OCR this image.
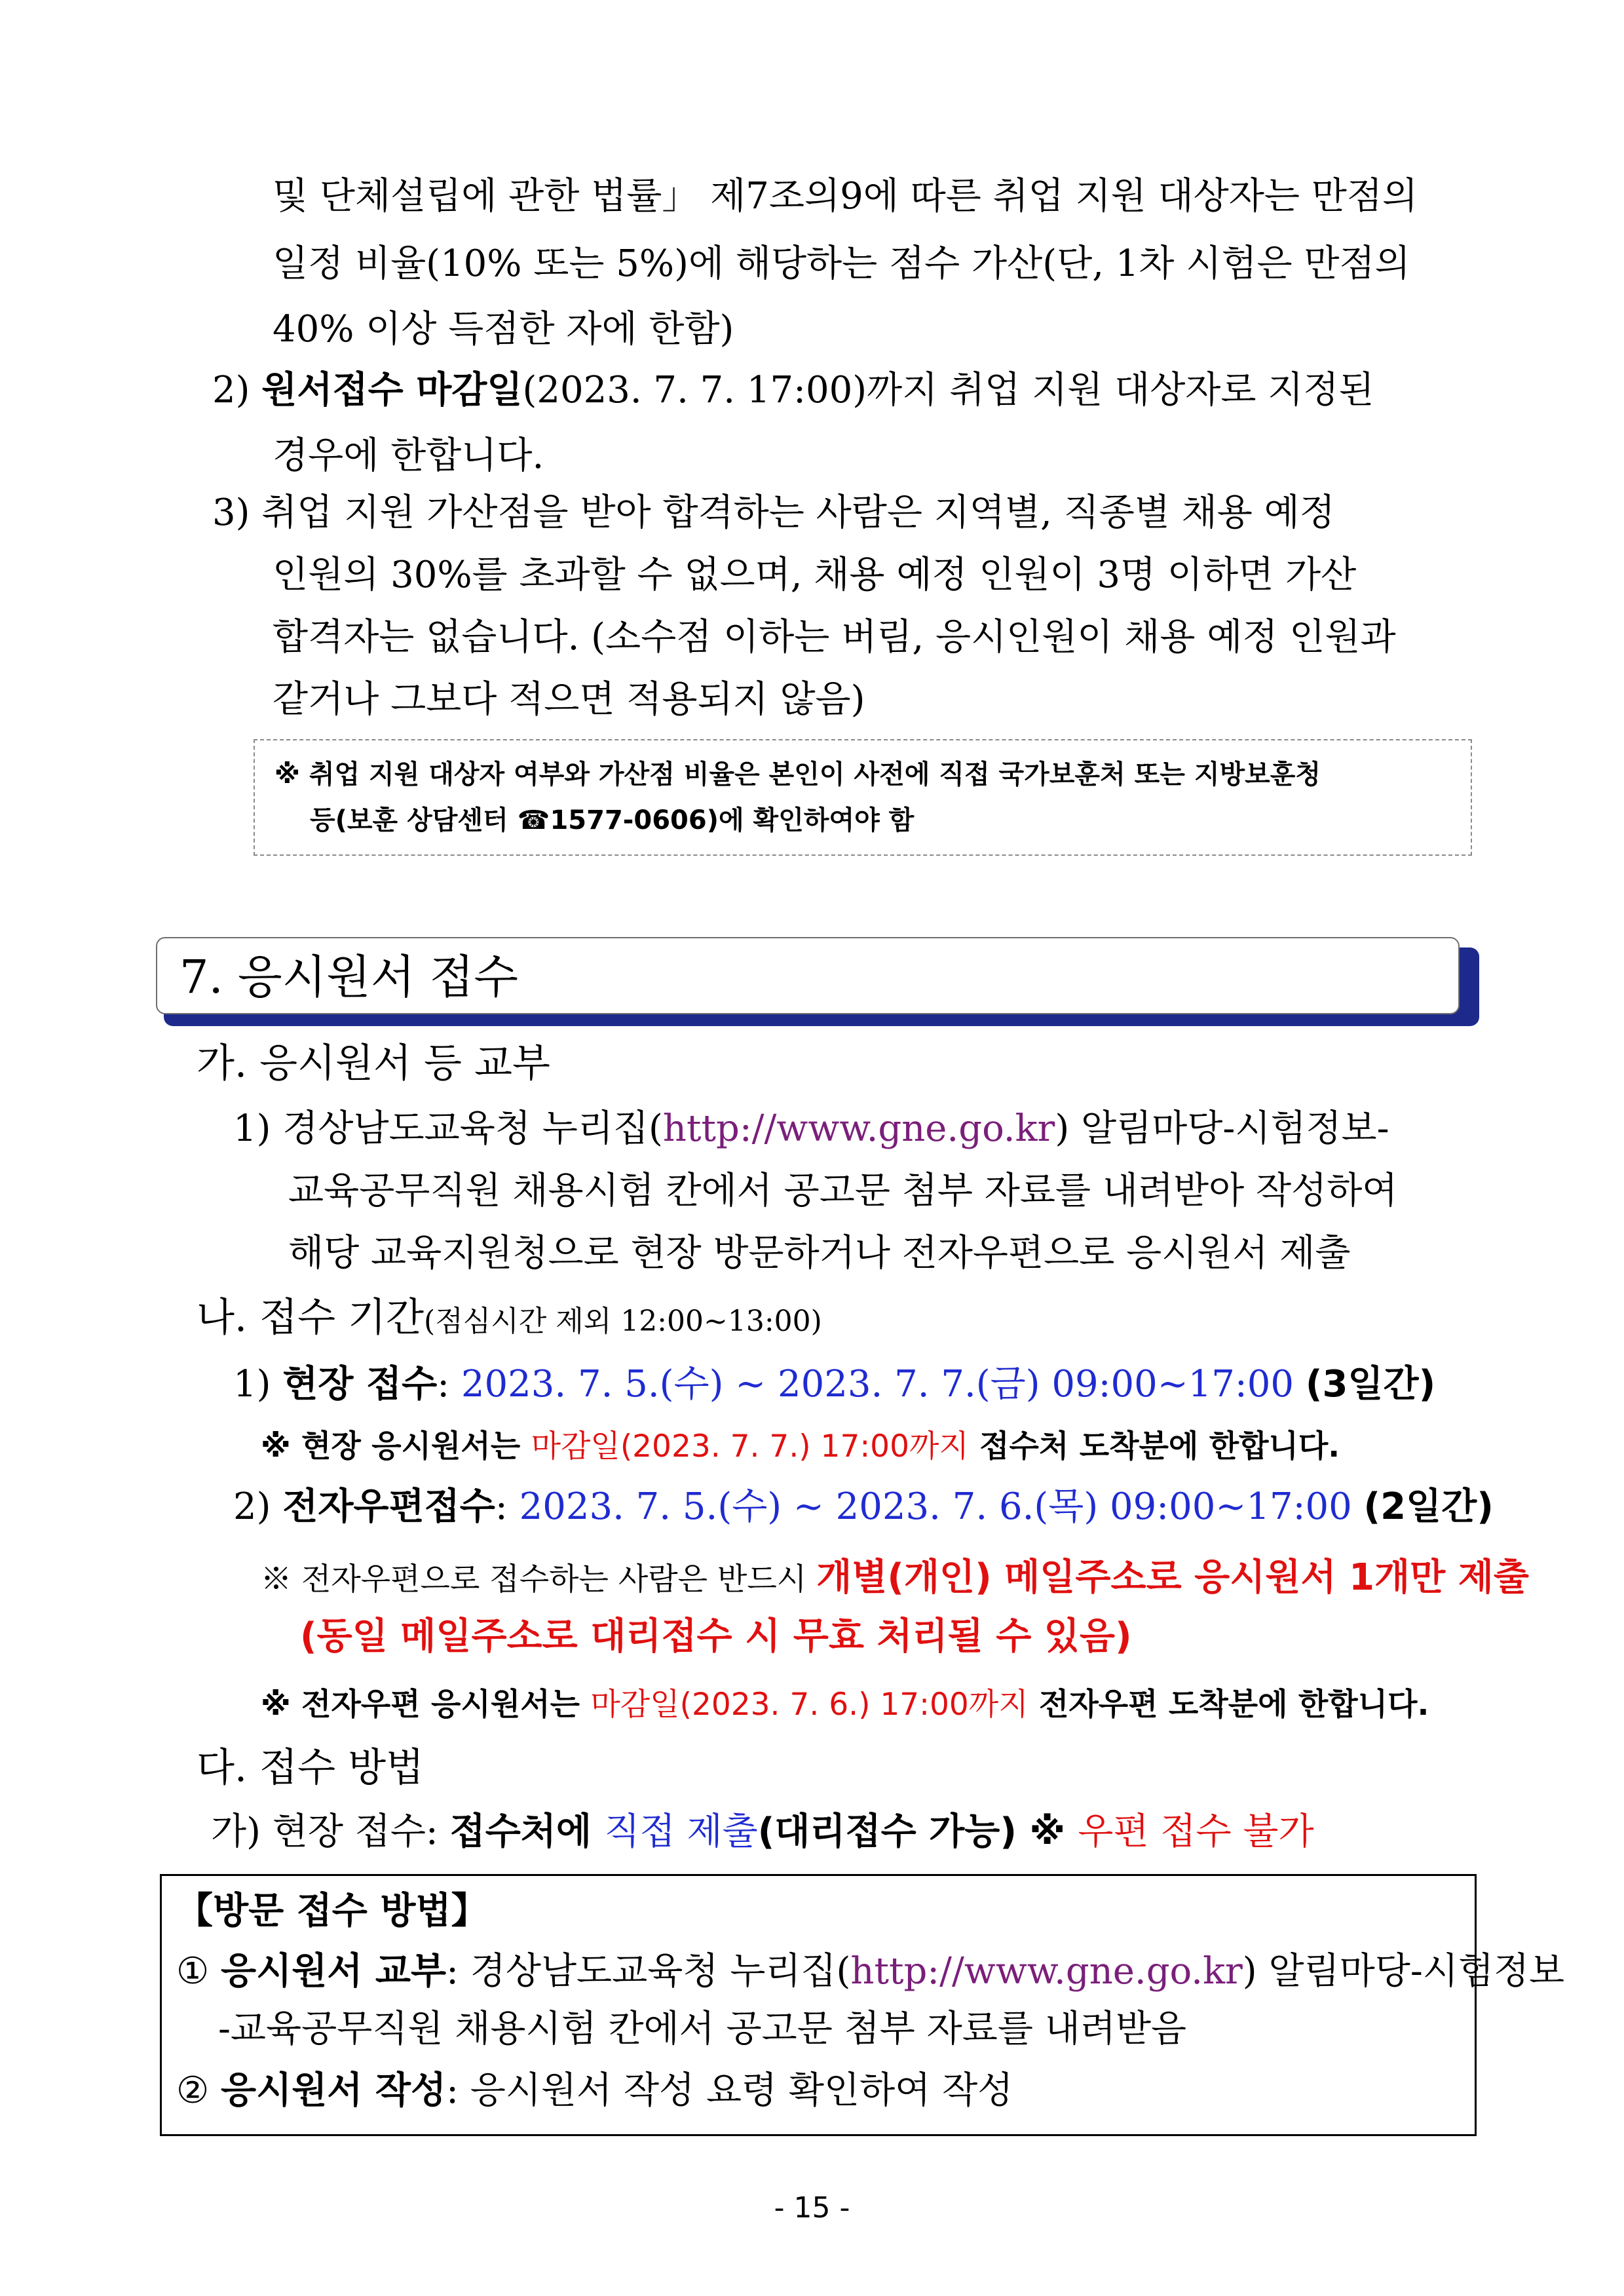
및 단체설립에 관한 법률」 제7조의9에 따른 취업 지원 대상자는 만점의
일정 비율(10% 또는 5%)에 해당하는 점수 가산(단, 1차 시험은 만점의
40% 이상 득점한 자에 한함)
2) 원서접수 마감일(2023. 7. 7. 17:00)까지 취업 지원 대상자로 지정된
경우에 한합니다.
3) 취업 지원 가산점을 받아 합격하는 사람은 지역별, 직종별 채용 예정
인원의 30%를 초과할 수 없으며, 채용 예정 인원이 3명 이하면 가산
합격자는 없습니다. (소수점 이하는 버림, 응시인원이 채용 예정 인원과
같거나 그보다 적으면 적용되지 않음)
※ 취업 지원 대상자 여부와 가산점 비율은 본인이 사전에 직접 국가보훈처 또는 지방보훈청
등(보훈 상담센터 ☎1577-0606)에 확인하여야 함
7. 응시원서 접수
가. 응시원서 등 교부
1) 경상남도교육청 누리집(http://www.gne.go.kr) 알림마당-시험정보-
교육공무직원 채용시험 칸에서 공고문 첨부 자료를 내려받아 작성하여
해당 교육지원청으로 현장 방문하거나 전자우편으로 응시원서 제출
나. 접수 기간(점심시간 제외 12:00~13:00)
1) 현장 접수: 2023. 7. 5.(수) ~ 2023. 7. 7.(금) 09:00~17:00 (3일간)
※ 현장 응시원서는 마감일(2023. 7. 7.) 17:00까지 접수처 도착분에 한합니다.
2) 전자우편접수: 2023. 7. 5.(수) ~ 2023. 7. 6.(목) 09:00~17:00 (2일간)
※ 전자우편으로 접수하는 사람은 반드시 개별(개인) 메일주소로 응시원서 1개만 제출
(동일 메일주소로 대리접수 시 무효 처리될 수 있음)
※ 전자우편 응시원서는 마감일(2023. 7. 6.) 17:00까지 전자우편 도착분에 한합니다.
다. 접수 방법
가) 현장 접수: 접수처에 직접 제출(대리접수 가능) ※ 우편 접수 불가
【방문 접수 방법】
① 응시원서 교부: 경상남도교육청 누리집(http://www.gne.go.kr) 알림마당-시험정보
-교육공무직원 채용시험 칸에서 공고문 첨부 자료를 내려받음
② 응시원서 작성: 응시원서 작성 요령 확인하여 작성
- 15 -
